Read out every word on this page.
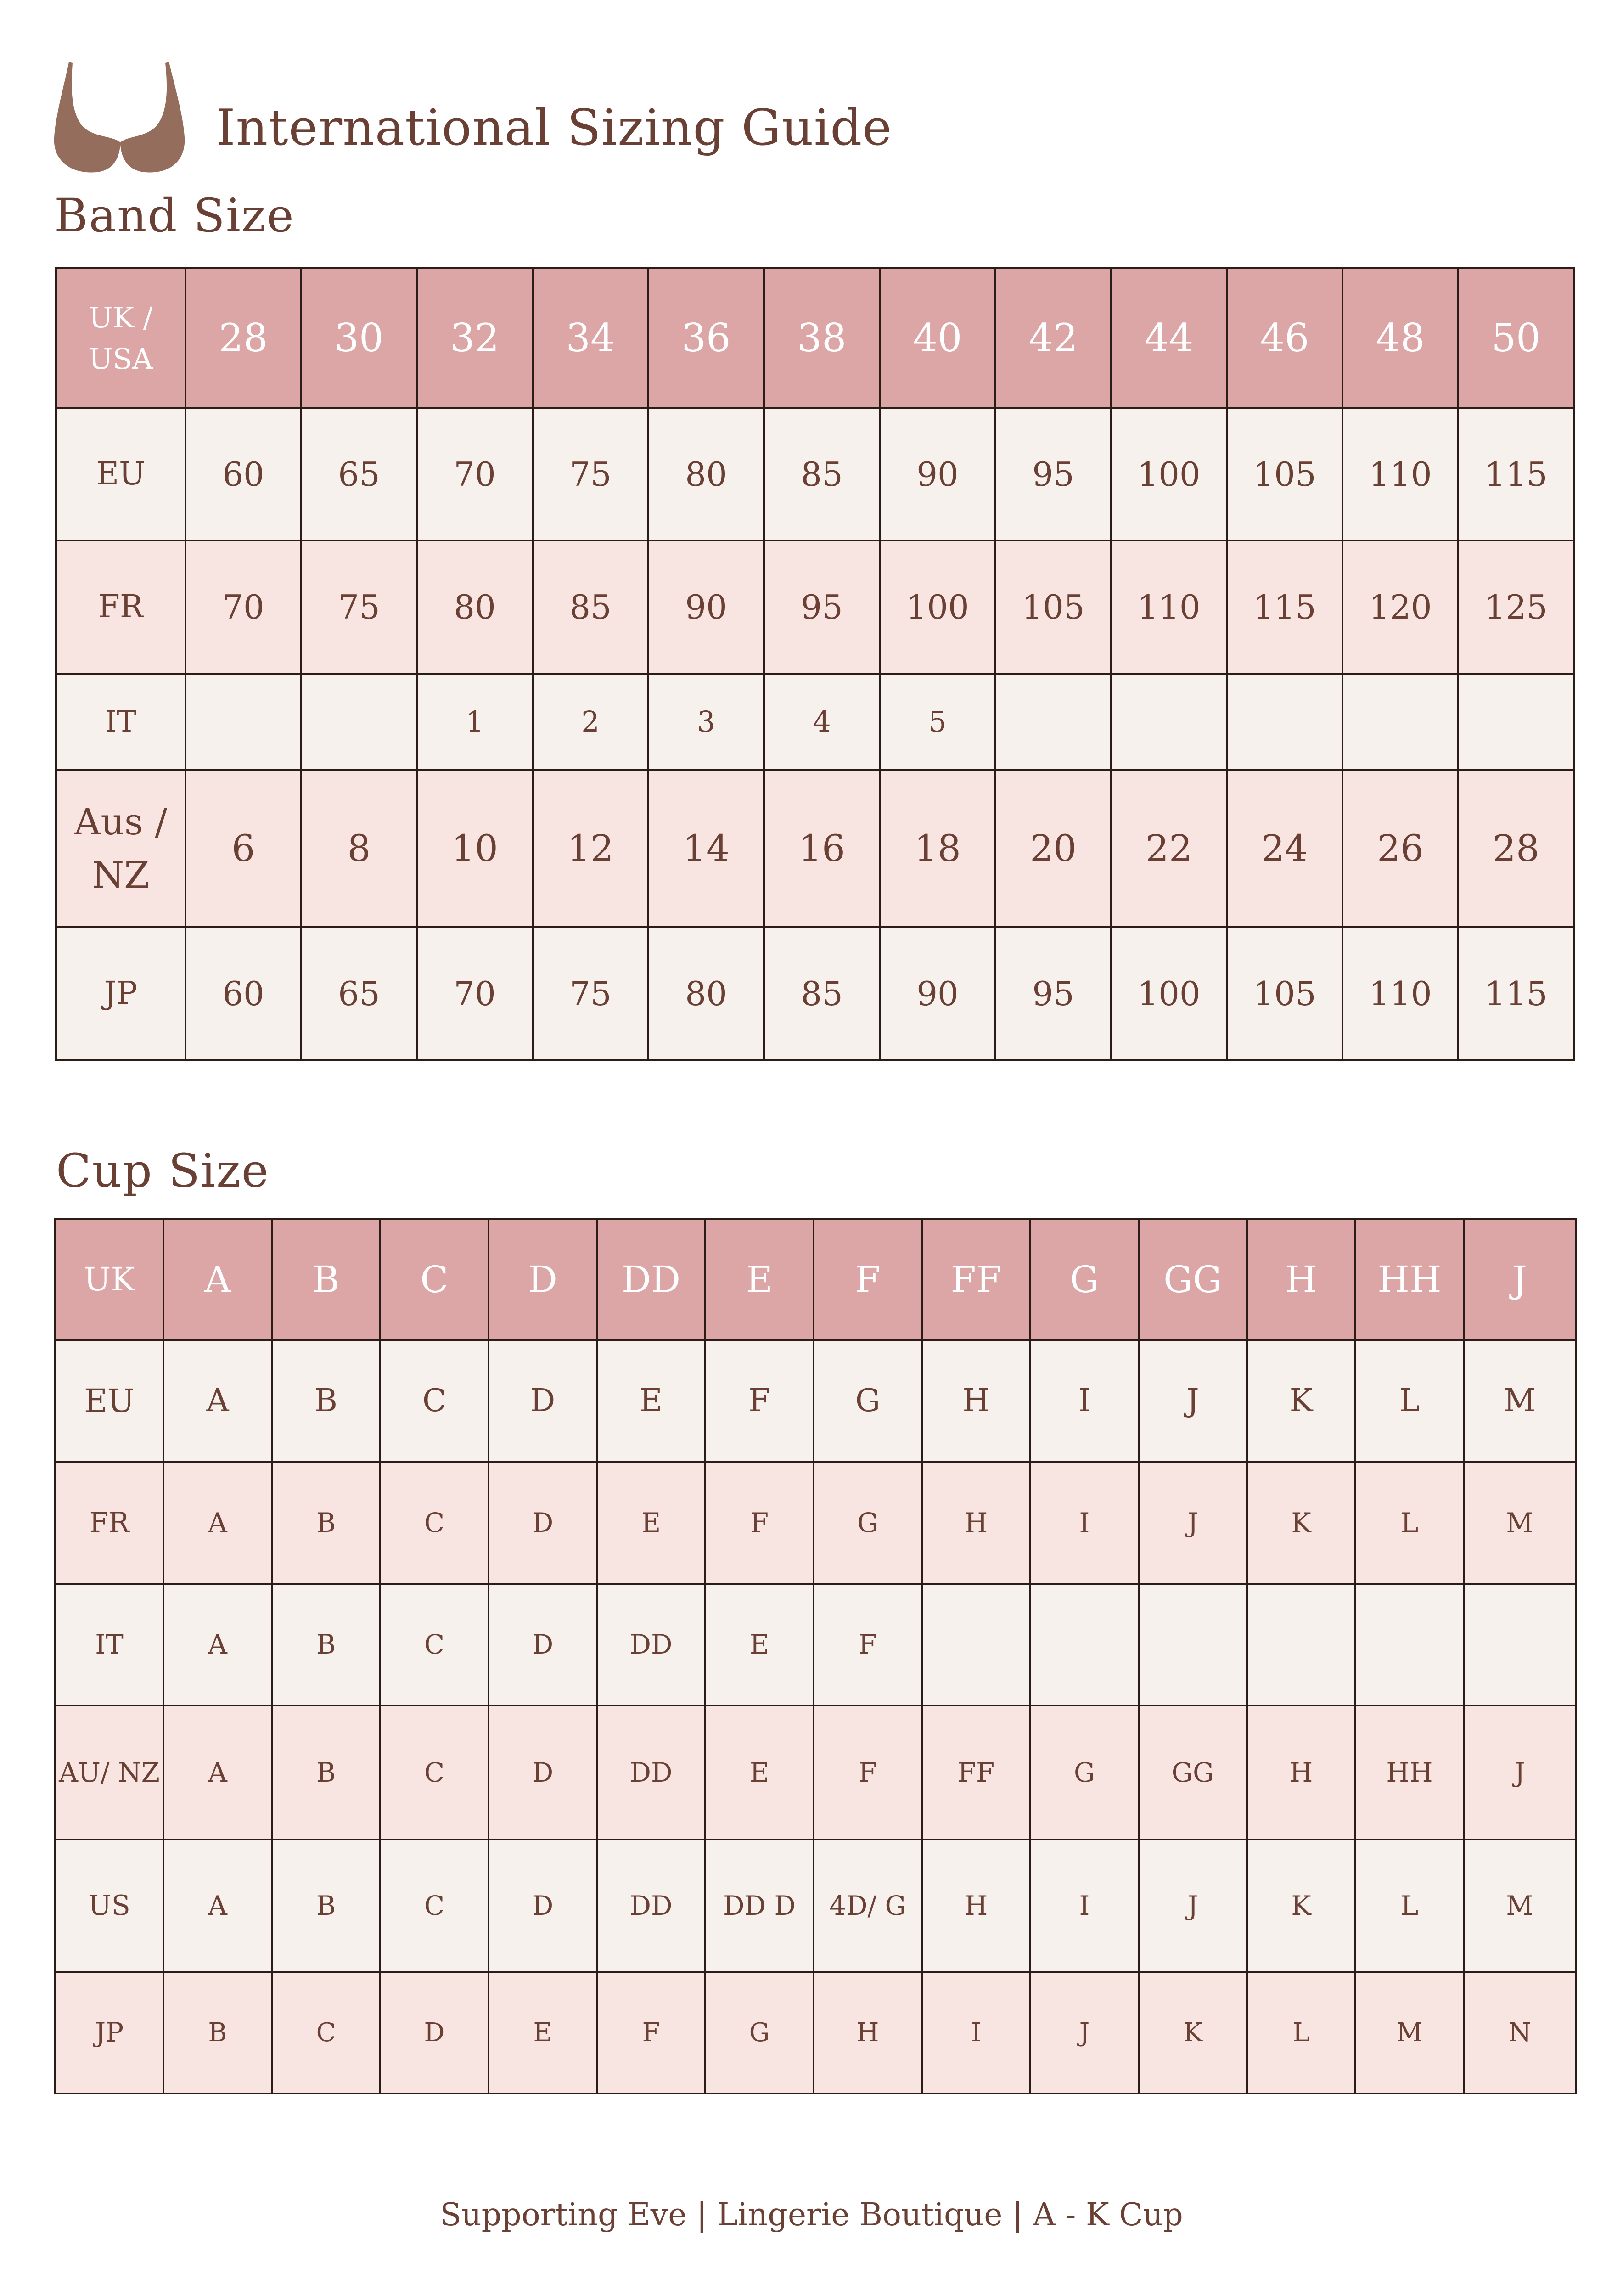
International Sizing Guide
Band Size
UK / USA	28	30	32	34	36	38	40	42	44	46	48	50
EU	60	65	70	75	80	85	90	95	100	105	110	115
FR	70	75	80	85	90	95	100	105	110	115	120	125
IT			1	2	3	4	5					
Aus / NZ	6	8	10	12	14	16	18	20	22	24	26	28
JP	60	65	70	75	80	85	90	95	100	105	110	115
Cup Size
UK	A	B	C	D	DD	E	F	FF	G	GG	H	HH	J
EU	A	B	C	D	E	F	G	H	I	J	K	L	M
FR	A	B	C	D	E	F	G	H	I	J	K	L	M
IT	A	B	C	D	DD	E	F						
AU/ NZ	A	B	C	D	DD	E	F	FF	G	GG	H	HH	J
US	A	B	C	D	DD	DD D	4D/ G	H	I	J	K	L	M
JP	B	C	D	E	F	G	H	I	J	K	L	M	N
Supporting Eve | Lingerie Boutique | A - K Cup
